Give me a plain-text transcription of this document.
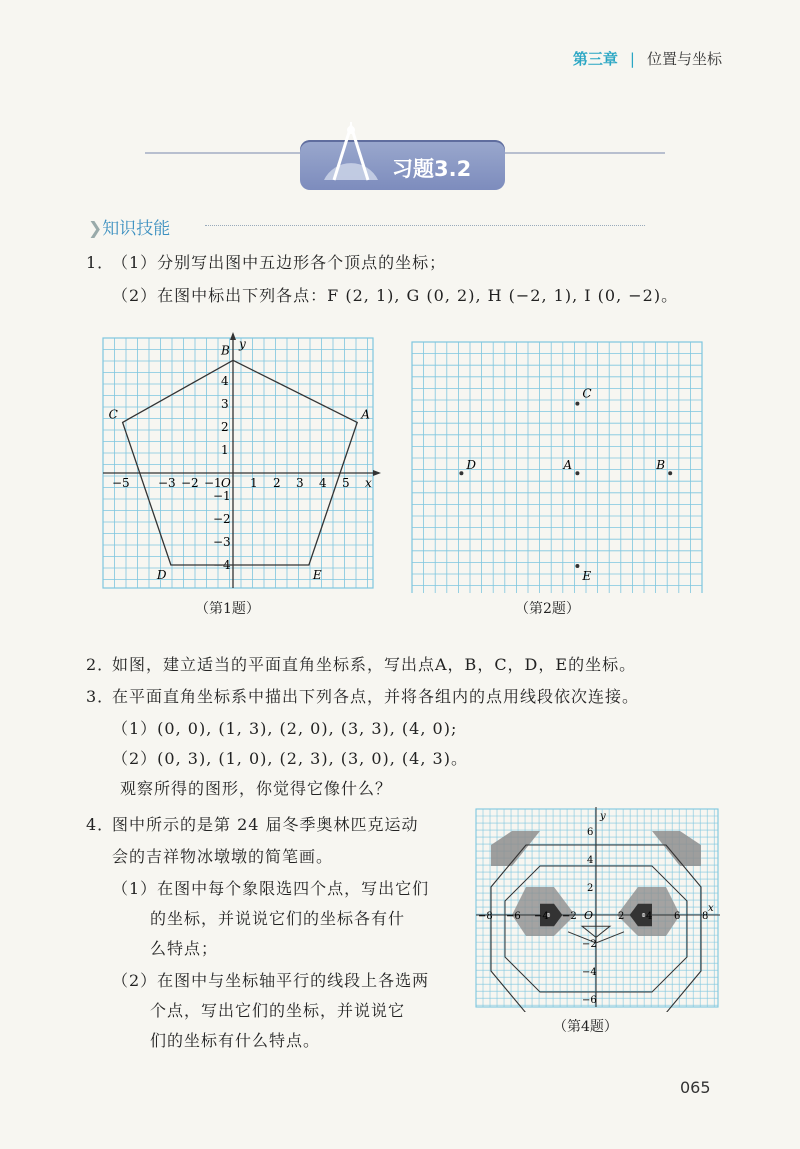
第三章 | 位置与坐标
习题3.2
❯知识技能
1．
（1）分别写出图中五边形各个顶点的坐标；
（2）在图中标出下列各点：F (2, 1), G (0, 2), H (−2, 1), I (0, −2)。
x
y
O
−5 −3 −2 −1 1 2 3 4 5
1
2
3
4
−1
−2
−3
−4
A
B
C
D	E
（第1题）
A	B
C
D
E
（第2题）
2．
如图，建立适当的平面直角坐标系，写出点A，B，C，D，E的坐标。
3．
在平面直角坐标系中描出下列各点，并将各组内的点用线段依次连接。
（1）(0, 0), (1, 3), (2, 0), (3, 3), (4, 0);
（2）(0, 3), (1, 0), (2, 3), (3, 0), (4, 3)。
观察所得的图形，你觉得它像什么？
4．
图中所示的是第 24 届冬季奥林匹克运动
会的吉祥物冰墩墩的简笔画。
（1）在图中每个象限选四个点，写出它们
的坐标，并说说它们的坐标各有什
么特点；
（2）在图中与坐标轴平行的线段上各选两
个点，写出它们的坐标，并说说它
们的坐标有什么特点。
x
y
O
−8 −6 −4 −2	2 4 6 8
6
4
2
−2
−4
−6
（第4题）
065
